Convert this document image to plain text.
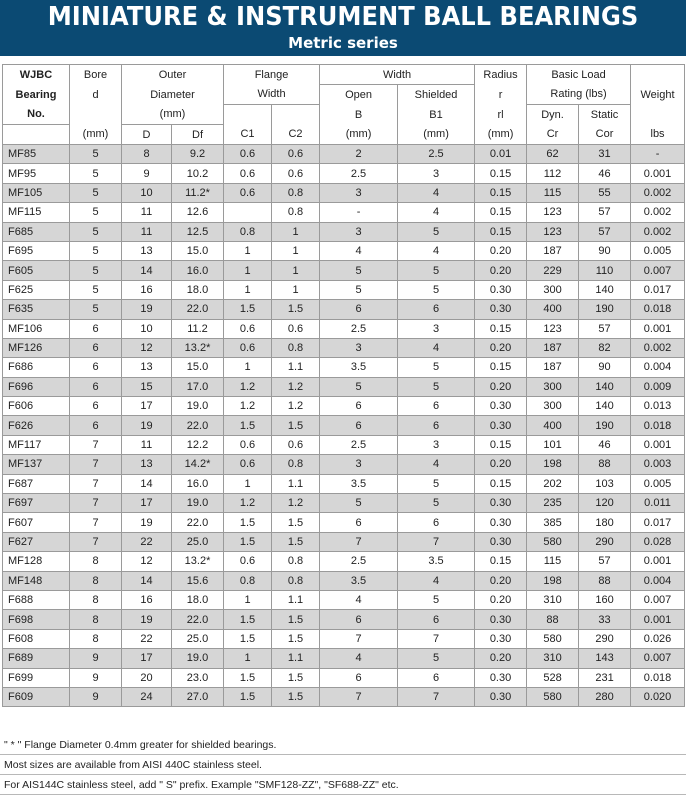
MINIATURE & INSTRUMENT BALL BEARINGS
Metric series
WJBC	Bore	Outer		Flange		Width		Radius	Basic Load		
Bearing	d	Diameter		Width		Open	Shielded	r	Rating (lbs)		Weight
No.		(mm)				B	B1	rl	Dyn.	Static	
	(mm)	D	Df	C1	C2	(mm)	(mm)	(mm)	Cr	Cor	lbs
MF85	5	8	9.2	0.6	0.6	2	2.5	0.01	62	31	-
MF95	5	9	10.2	0.6	0.6	2.5	3	0.15	112	46	0.001
MF105	5	10	11.2*	0.6	0.8	3	4	0.15	115	55	0.002
MF115	5	11	12.6		0.8	-	4	0.15	123	57	0.002
F685	5	11	12.5	0.8	1	3	5	0.15	123	57	0.002
F695	5	13	15.0	1	1	4	4	0.20	187	90	0.005
F605	5	14	16.0	1	1	5	5	0.20	229	110	0.007
F625	5	16	18.0	1	1	5	5	0.30	300	140	0.017
F635	5	19	22.0	1.5	1.5	6	6	0.30	400	190	0.018
MF106	6	10	11.2	0.6	0.6	2.5	3	0.15	123	57	0.001
MF126	6	12	13.2*	0.6	0.8	3	4	0.20	187	82	0.002
F686	6	13	15.0	1	1.1	3.5	5	0.15	187	90	0.004
F696	6	15	17.0	1.2	1.2	5	5	0.20	300	140	0.009
F606	6	17	19.0	1.2	1.2	6	6	0.30	300	140	0.013
F626	6	19	22.0	1.5	1.5	6	6	0.30	400	190	0.018
MF117	7	11	12.2	0.6	0.6	2.5	3	0.15	101	46	0.001
MF137	7	13	14.2*	0.6	0.8	3	4	0.20	198	88	0.003
F687	7	14	16.0	1	1.1	3.5	5	0.15	202	103	0.005
F697	7	17	19.0	1.2	1.2	5	5	0.30	235	120	0.011
F607	7	19	22.0	1.5	1.5	6	6	0.30	385	180	0.017
F627	7	22	25.0	1.5	1.5	7	7	0.30	580	290	0.028
MF128	8	12	13.2*	0.6	0.8	2.5	3.5	0.15	115	57	0.001
MF148	8	14	15.6	0.8	0.8	3.5	4	0.20	198	88	0.004
F688	8	16	18.0	1	1.1	4	5	0.20	310	160	0.007
F698	8	19	22.0	1.5	1.5	6	6	0.30	88	33	0.001
F608	8	22	25.0	1.5	1.5	7	7	0.30	580	290	0.026
F689	9	17	19.0	1	1.1	4	5	0.20	310	143	0.007
F699	9	20	23.0	1.5	1.5	6	6	0.30	528	231	0.018
F609	9	24	27.0	1.5	1.5	7	7	0.30	580	280	0.020
" * " Flange Diameter 0.4mm greater for shielded bearings.
Most sizes are available from AISI 440C stainless steel.
For AIS144C stainless steel, add " S" prefix. Example "SMF128-ZZ", "SF688-ZZ" etc.
